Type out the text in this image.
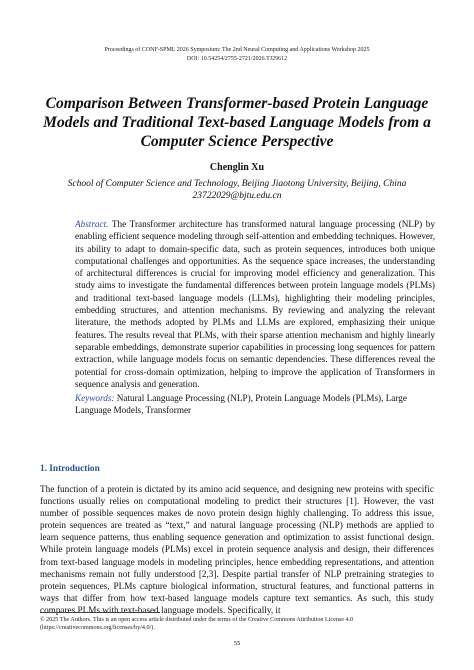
Proceedings of CONF-SPML 2026 Symposium: The 2nd Neural Computing and Applications Workshop 2025
DOI: 10.54254/2755-2721/2026.TJ29612
Comparison Between Transformer-based Protein Language Models and Traditional Text-based Language Models from a Computer Science Perspective
Chenglin Xu
School of Computer Science and Technology, Beijing Jiaotong University, Beijing, China
23722029@bjtu.edu.cn

Abstract. The Transformer architecture has transformed natural language processing (NLP) by enabling efficient sequence modeling through self-attention and embedding techniques. However, its ability to adapt to domain-specific data, such as protein sequences, introduces both unique computational challenges and opportunities. As the sequence space increases, the understanding of architectural differences is crucial for improving model efficiency and generalization. This study aims to investigate the fundamental differences between protein language models (PLMs) and traditional text-based language models (LLMs), highlighting their modeling principles, embedding structures, and attention mechanisms. By reviewing and analyzing the relevant literature, the methods adopted by PLMs and LLMs are explored, emphasizing their unique features. The results reveal that PLMs, with their sparse attention mechanism and highly linearly separable embeddings, demonstrate superior capabilities in processing long sequences for pattern extraction, while language models focus on semantic dependencies. These differences reveal the potential for cross-domain optimization, helping to improve the application of Transformers in sequence analysis and generation.

Keywords: Natural Language Processing (NLP), Protein Language Models (PLMs), Large Language Models, Transformer

1. Introduction

The function of a protein is dictated by its amino acid sequence, and designing new proteins with specific functions usually relies on computational modeling to predict their structures [1]. However, the vast number of possible sequences makes de novo protein design highly challenging. To address this issue, protein sequences are treated as “text,” and natural language processing (NLP) methods are applied to learn sequence patterns, thus enabling sequence generation and optimization to assist functional design. While protein language models (PLMs) excel in protein sequence analysis and design, their differences from text-based language models in modeling principles, hence embedding representations, and attention mechanisms remain not fully understood [2,3]. Despite partial transfer of NLP pretraining strategies to protein sequences, PLMs capture biological information, structural features, and functional patterns in ways that differ from how text-based language models capture text semantics. As such, this study compares PLMs with text-based language models. Specifically, it

© 2025 The Authors. This is an open access article distributed under the terms of the Creative Commons Attribution License 4.0
(https://creativecommons.org/licenses/by/4.0/).
55
